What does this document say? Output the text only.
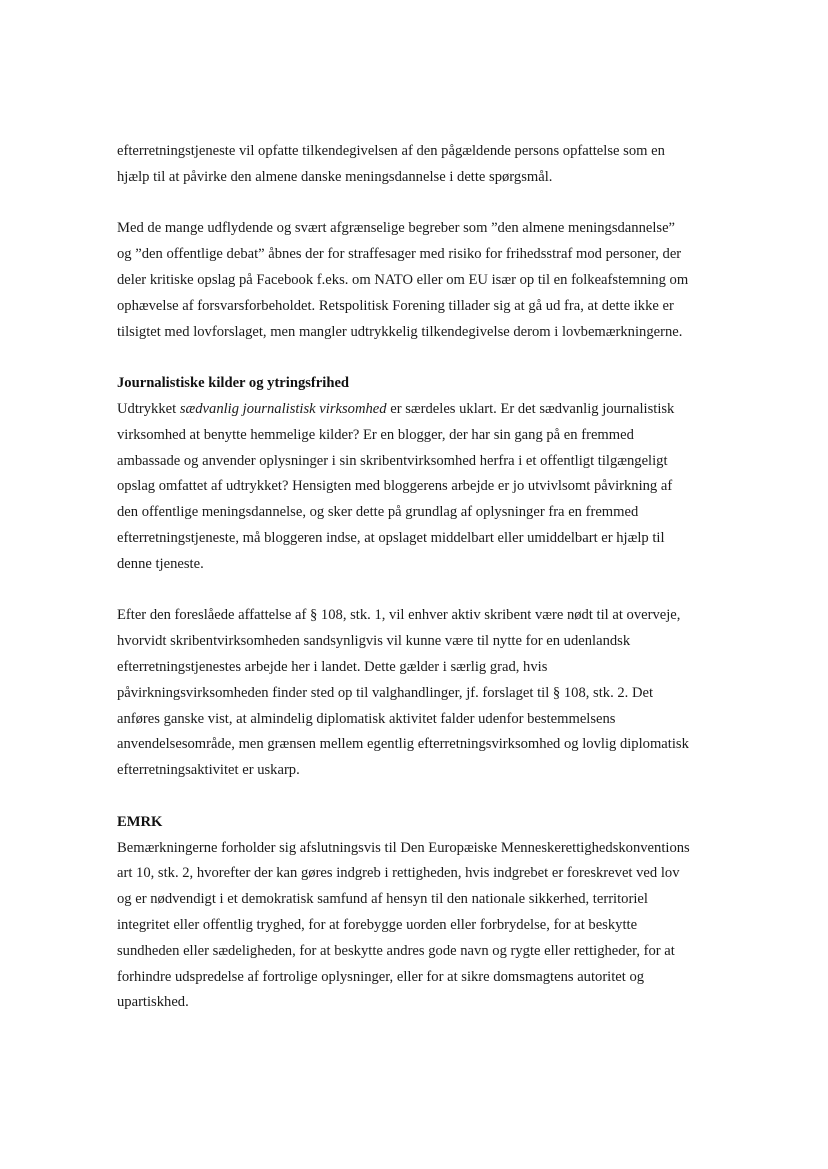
efterretningstjeneste vil opfatte tilkendegivelsen af den pågældende persons opfattelse som en
hjælp til at påvirke den almene danske meningsdannelse i dette spørgsmål.

Med de mange udflydende og svært afgrænselige begreber som ”den almene meningsdannelse”
og ”den offentlige debat” åbnes der for straffesager med risiko for frihedsstraf mod personer, der
deler kritiske opslag på Facebook f.eks. om NATO eller om EU især op til en folkeafstemning om
ophævelse af forsvarsforbeholdet. Retspolitisk Forening tillader sig at gå ud fra, at dette ikke er
tilsigtet med lovforslaget, men mangler udtrykkelig tilkendegivelse derom i lovbemærkningerne.

Journalistiske kilder og ytringsfrihed

Udtrykket sædvanlig journalistisk virksomhed er særdeles uklart. Er det sædvanlig journalistisk
virksomhed at benytte hemmelige kilder? Er en blogger, der har sin gang på en fremmed
ambassade og anvender oplysninger i sin skribentvirksomhed herfra i et offentligt tilgængeligt
opslag omfattet af udtrykket? Hensigten med bloggerens arbejde er jo utvivlsomt påvirkning af
den offentlige meningsdannelse, og sker dette på grundlag af oplysninger fra en fremmed
efterretningstjeneste, må bloggeren indse, at opslaget middelbart eller umiddelbart er hjælp til
denne tjeneste.

Efter den foreslåede affattelse af § 108, stk. 1, vil enhver aktiv skribent være nødt til at overveje,
hvorvidt skribentvirksomheden sandsynligvis vil kunne være til nytte for en udenlandsk
efterretningstjenestes arbejde her i landet. Dette gælder i særlig grad, hvis
påvirkningsvirksomheden finder sted op til valghandlinger, jf. forslaget til § 108, stk. 2. Det
anføres ganske vist, at almindelig diplomatisk aktivitet falder udenfor bestemmelsens
anvendelsesområde, men grænsen mellem egentlig efterretningsvirksomhed og lovlig diplomatisk
efterretningsaktivitet er uskarp.

EMRK

Bemærkningerne forholder sig afslutningsvis til Den Europæiske Menneskerettighedskonventions
art 10, stk. 2, hvorefter der kan gøres indgreb i rettigheden, hvis indgrebet er foreskrevet ved lov
og er nødvendigt i et demokratisk samfund af hensyn til den nationale sikkerhed, territoriel
integritet eller offentlig tryghed, for at forebygge uorden eller forbrydelse, for at beskytte
sundheden eller sædeligheden, for at beskytte andres gode navn og rygte eller rettigheder, for at
forhindre udspredelse af fortrolige oplysninger, eller for at sikre domsmagtens autoritet og
upartiskhed.
